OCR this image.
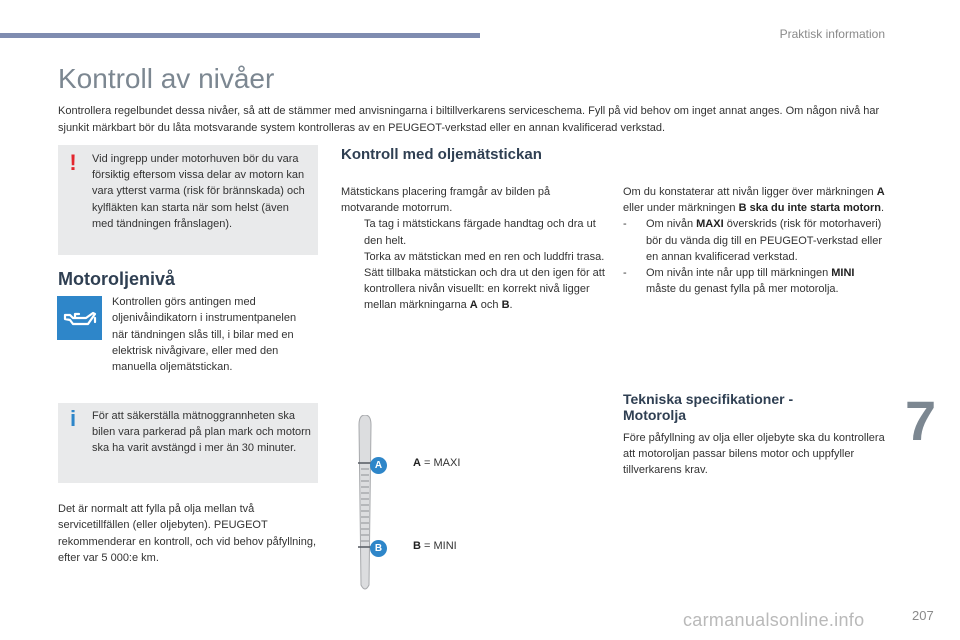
Praktisk information
Kontroll av nivåer
Kontrollera regelbundet dessa nivåer, så att de stämmer med anvisningarna i biltillverkarens serviceschema. Fyll på vid behov om inget annat anges. Om någon nivå har sjunkit märkbart bör du låta motsvarande system kontrolleras av en PEUGEOT-verkstad eller en annan kvalificerad verkstad.
!	Vid ingrepp under motorhuven bör du vara försiktig eftersom vissa delar av motorn kan vara ytterst varma (risk för brännskada) och kylfläkten kan starta när som helst (även med tändningen frånslagen).
Motoroljenivå
Kontrollen görs antingen med oljenivåindikatorn i instrumentpanelen när tändningen slås till, i bilar med en elektrisk nivågivare, eller med den manuella oljemätstickan.
i	För att säkerställa mätnoggrannheten ska bilen vara parkerad på plan mark och motorn ska ha varit avstängd i mer än 30 minuter.
Det är normalt att fylla på olja mellan två servicetillfällen (eller oljebyten). PEUGEOT rekommenderar en kontroll, och vid behov påfyllning, efter var 5 000:e km.
Kontroll med oljemätstickan

Mätstickans placering framgår av bilden på motvarande motorrum.

Ta tag i mätstickans färgade handtag och dra ut den helt.
Torka av mätstickan med en ren och luddfri trasa.
Sätt tillbaka mätstickan och dra ut den igen för att kontrollera nivån visuellt: en korrekt nivå ligger mellan märkningarna A och B.

Om du konstaterar att nivån ligger över märkningen A eller under märkningen B ska du inte starta motorn.

- Om nivån MAXI överskrids (risk för motorhaveri) bör du vända dig till en PEUGEOT-verkstad eller en annan kvalificerad verkstad.
- Om nivån inte når upp till märkningen MINI måste du genast fylla på mer motorolja.
A
B
A = MAXI
B = MINI
Tekniska specifikationer - Motorolja
Före påfyllning av olja eller oljebyte ska du kontrollera att motoroljan passar bilens motor och uppfyller tillverkarens krav.
7
carmanualsonline.info	207
